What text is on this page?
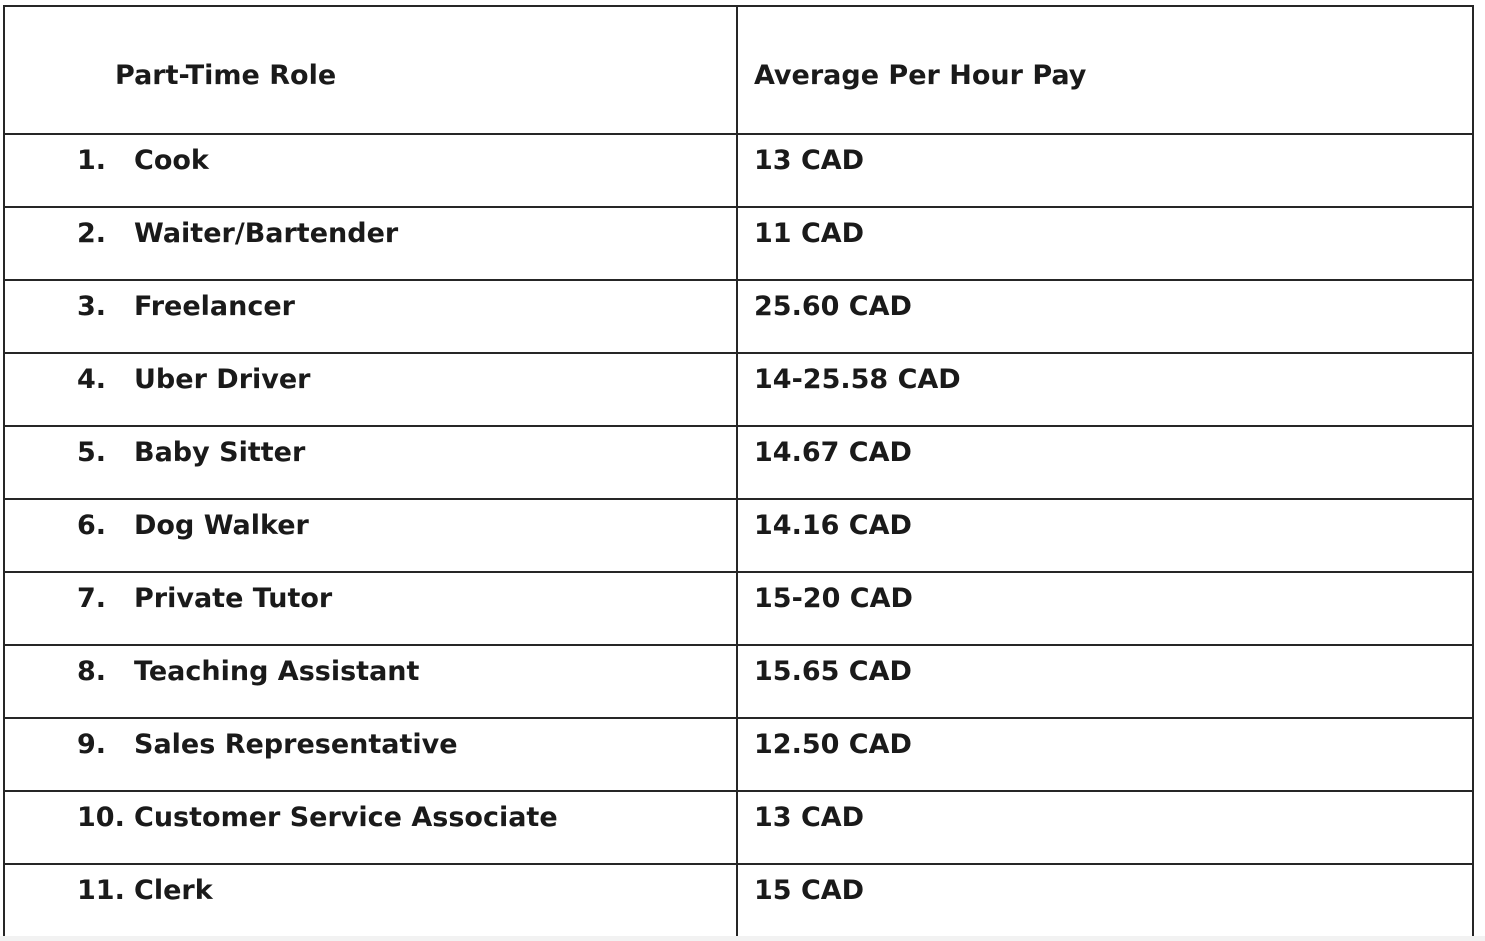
Part-Time Role	Average Per Hour Pay

1. Cook	13 CAD

2. Waiter/Bartender	11 CAD

3. Freelancer	25.60 CAD

4. Uber Driver	14-25.58 CAD

5. Baby Sitter	14.67 CAD

6. Dog Walker	14.16 CAD

7. Private Tutor	15-20 CAD

8. Teaching Assistant	15.65 CAD

9. Sales Representative	12.50 CAD

10. Customer Service Associate	13 CAD

11. Clerk	15 CAD
